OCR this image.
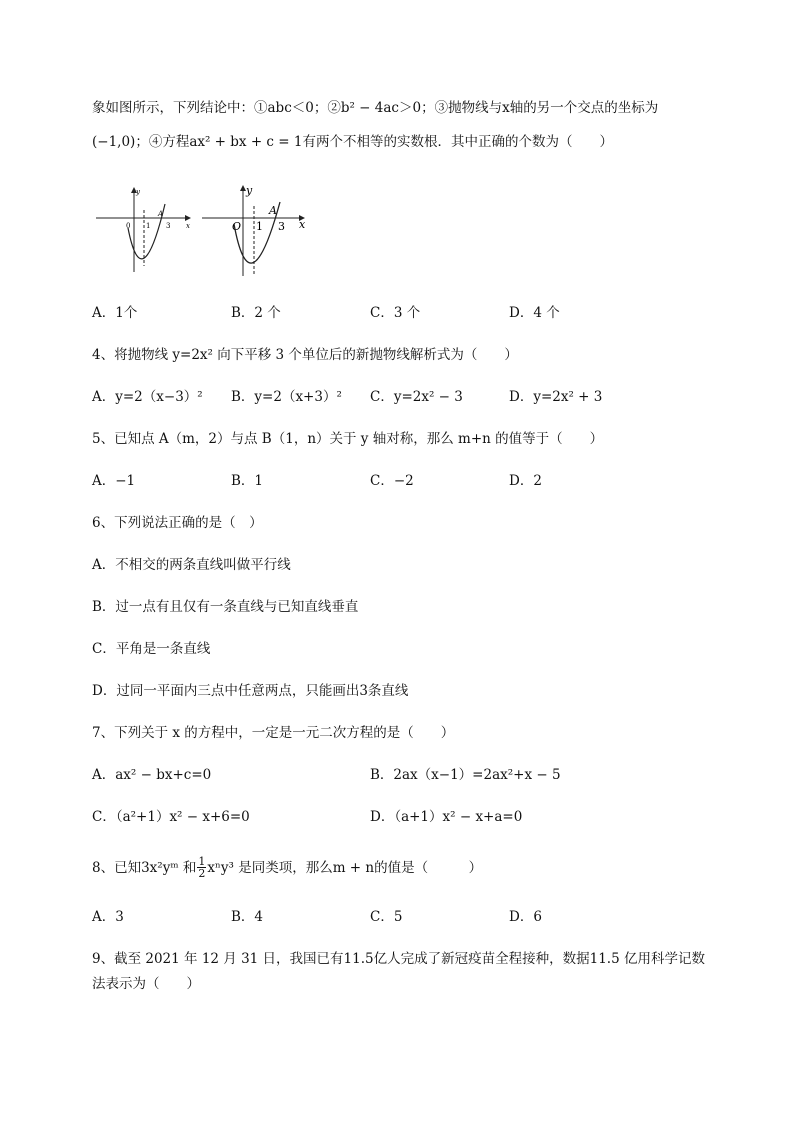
象如图所示，下列结论中：①abc＜0；②b² − 4ac＞0；③抛物线与x轴的另一个交点的坐标为
(−1,0)；④方程ax² + bx + c = 1有两个不相等的实数根．其中正确的个数为（　　）
y
x
0 1
A
3
y
x
O 1
A
3
A．1个	B．2 个	C．3 个	D．4 个
4、将抛物线 y=2x² 向下平移 3 个单位后的新抛物线解析式为（　　）
A．y=2（x−3）² B．y=2（x+3）² C．y=2x² − 3	D．y=2x² + 3
5、已知点 A（m，2）与点 B（1，n）关于 y 轴对称，那么 m+n 的值等于（　　）
A．−1	B．1	C．−2	D．2
6、下列说法正确的是（　）
A．不相交的两条直线叫做平行线
B．过一点有且仅有一条直线与已知直线垂直
C．平角是一条直线
D．过同一平面内三点中任意两点，只能画出3条直线
7、下列关于 x 的方程中，一定是一元二次方程的是（　　）
A．ax² − bx+c=0	B．2ax（x−1）=2ax²+x − 5
C．（a²+1）x² − x+6=0	D．（a+1）x² − x+a=0
8、已知3x²yᵐ 和 $\frac{1}{2} x^ny^3$ 是同类项，那么m + n的值是（　　　）
A．3	B．4	C．5	D．6
9、截至 2021 年 12 月 31 日，我国已有11.5亿人完成了新冠疫苗全程接种，数据11.5 亿用科学记数
法表示为（　　）
